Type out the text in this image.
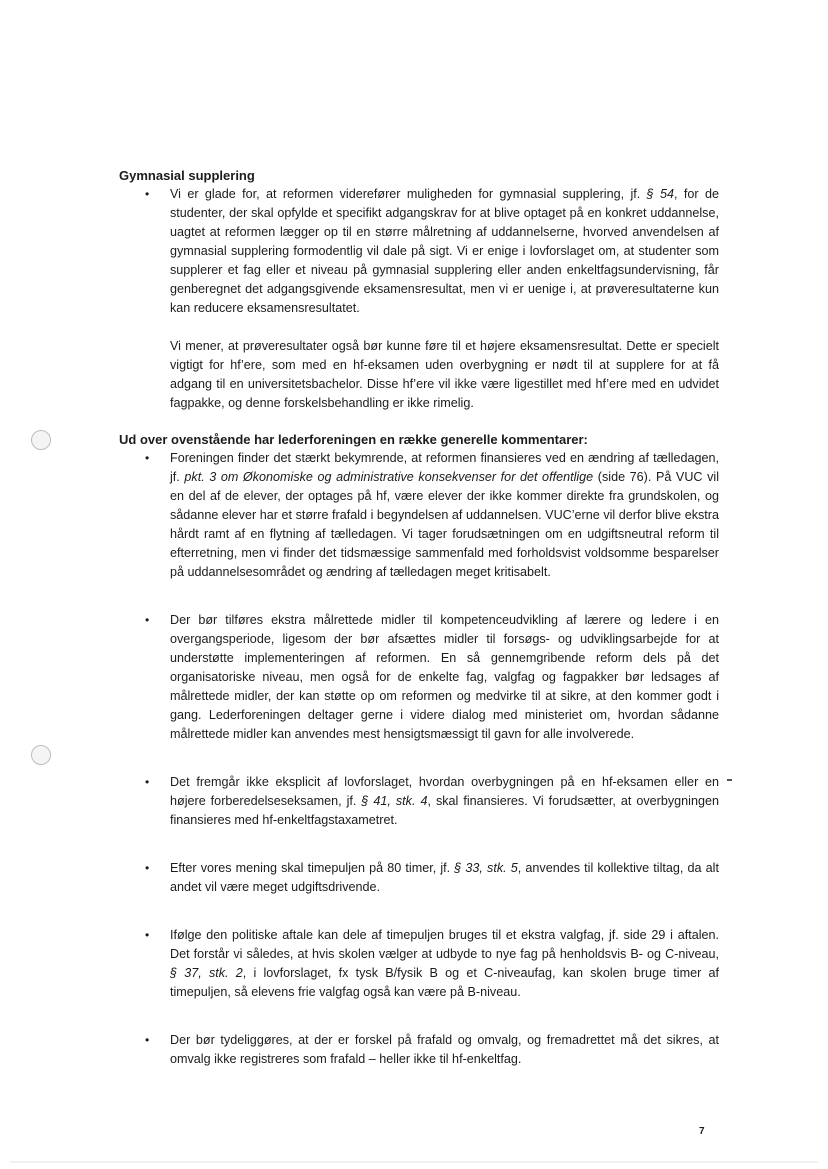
Gymnasial supplering
• Vi er glade for, at reformen viderefører muligheden for gymnasial supplering, jf. § 54, for de studenter, der skal opfylde et specifikt adgangskrav for at blive optaget på en konkret uddannelse, uagtet at reformen lægger op til en større målretning af uddannelserne, hvorved anvendelsen af gymnasial supplering formodentlig vil dale på sigt. Vi er enige i lovforslaget om, at studenter som supplerer et fag eller et niveau på gymnasial supplering eller anden enkeltfagsundervisning, får genberegnet det adgangsgivende eksamensresultat, men vi er uenige i, at prøveresultaterne kun kan reducere eksamensresultatet.

Vi mener, at prøveresultater også bør kunne føre til et højere eksamensresultat. Dette er specielt vigtigt for hf’ere, som med en hf-eksamen uden overbygning er nødt til at supplere for at få adgang til en universitetsbachelor. Disse hf’ere vil ikke være ligestillet med hf’ere med en udvidet fagpakke, og denne forskelsbehandling er ikke rimelig.

Ud over ovenstående har lederforeningen en række generelle kommentarer:
• Foreningen finder det stærkt bekymrende, at reformen finansieres ved en ændring af tælledagen, jf. pkt. 3 om Økonomiske og administrative konsekvenser for det offentlige (side 76). På VUC vil en del af de elever, der optages på hf, være elever der ikke kommer direkte fra grundskolen, og sådanne elever har et større frafald i begyndelsen af uddannelsen. VUC’erne vil derfor blive ekstra hårdt ramt af en flytning af tælledagen. Vi tager forudsætningen om en udgiftsneutral reform til efterretning, men vi finder det tidsmæssige sammenfald med forholdsvist voldsomme besparelser på uddannelsesområdet og ændring af tælledagen meget kritisabelt.

• Der bør tilføres ekstra målrettede midler til kompetenceudvikling af lærere og ledere i en overgangsperiode, ligesom der bør afsættes midler til forsøgs- og udviklingsarbejde for at understøtte implementeringen af reformen. En så gennemgribende reform dels på det organisatoriske niveau, men også for de enkelte fag, valgfag og fagpakker bør ledsages af målrettede midler, der kan støtte op om reformen og medvirke til at sikre, at den kommer godt i gang. Lederforeningen deltager gerne i videre dialog med ministeriet om, hvordan sådanne målrettede midler kan anvendes mest hensigtsmæssigt til gavn for alle involverede.

• Det fremgår ikke eksplicit af lovforslaget, hvordan overbygningen på en hf-eksamen eller en højere forberedelseseksamen, jf. § 41, stk. 4, skal finansieres. Vi forudsætter, at overbygningen finansieres med hf-enkeltfagstaxametret.

• Efter vores mening skal timepuljen på 80 timer, jf. § 33, stk. 5, anvendes til kollektive tiltag, da alt andet vil være meget udgiftsdrivende.

• Ifølge den politiske aftale kan dele af timepuljen bruges til et ekstra valgfag, jf. side 29 i aftalen. Det forstår vi således, at hvis skolen vælger at udbyde to nye fag på henholdsvis B- og C-niveau, § 37, stk. 2, i lovforslaget, fx tysk B/fysik B og et C-niveaufag, kan skolen bruge timer af timepuljen, så elevens frie valgfag også kan være på B-niveau.

• Der bør tydeliggøres, at der er forskel på frafald og omvalg, og fremadrettet må det sikres, at omvalg ikke registreres som frafald – heller ikke til hf-enkeltfag.

7
